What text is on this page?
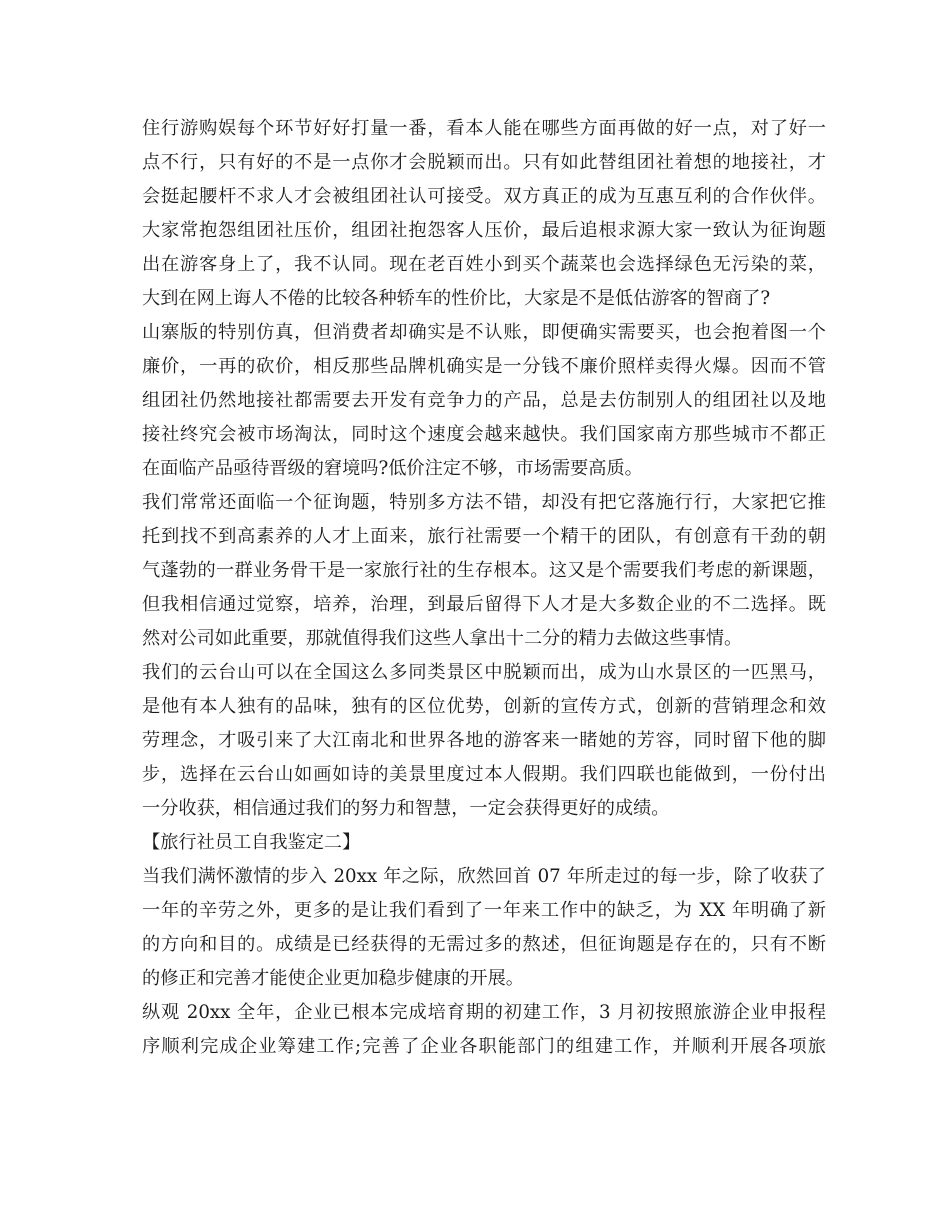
住行游购娱每个环节好好打量一番，看本人能在哪些方面再做的好一点，对了好一
点不行，只有好的不是一点你才会脱颖而出。只有如此替组团社着想的地接社，才
会挺起腰杆不求人才会被组团社认可接受。双方真正的成为互惠互利的合作伙伴。
大家常抱怨组团社压价，组团社抱怨客人压价，最后追根求源大家一致认为征询题
出在游客身上了，我不认同。现在老百姓小到买个蔬菜也会选择绿色无污染的菜，
大到在网上诲人不倦的比较各种轿车的性价比，大家是不是低估游客的智商了?
山寨版的特别仿真，但消费者却确实是不认账，即便确实需要买，也会抱着图一个
廉价，一再的砍价，相反那些品牌机确实是一分钱不廉价照样卖得火爆。因而不管
组团社仍然地接社都需要去开发有竞争力的产品，总是去仿制别人的组团社以及地
接社终究会被市场淘汰，同时这个速度会越来越快。我们国家南方那些城市不都正
在面临产品亟待晋级的窘境吗?低价注定不够，市场需要高质。
我们常常还面临一个征询题，特别多方法不错，却没有把它落施行行，大家把它推
托到找不到高素养的人才上面来，旅行社需要一个精干的团队，有创意有干劲的朝
气蓬勃的一群业务骨干是一家旅行社的生存根本。这又是个需要我们考虑的新课题，
但我相信通过觉察，培养，治理，到最后留得下人才是大多数企业的不二选择。既
然对公司如此重要，那就值得我们这些人拿出十二分的精力去做这些事情。
我们的云台山可以在全国这么多同类景区中脱颖而出，成为山水景区的一匹黑马，
是他有本人独有的品味，独有的区位优势，创新的宣传方式，创新的营销理念和效
劳理念，才吸引来了大江南北和世界各地的游客来一睹她的芳容，同时留下他的脚
步，选择在云台山如画如诗的美景里度过本人假期。我们四联也能做到，一份付出
一分收获，相信通过我们的努力和智慧，一定会获得更好的成绩。
【旅行社员工自我鉴定二】
当我们满怀激情的步入 20xx 年之际，欣然回首 07 年所走过的每一步，除了收获了
一年的辛劳之外，更多的是让我们看到了一年来工作中的缺乏，为 XX 年明确了新
的方向和目的。成绩是已经获得的无需过多的熬述，但征询题是存在的，只有不断
的修正和完善才能使企业更加稳步健康的开展。
纵观 20xx 全年，企业已根本完成培育期的初建工作，3 月初按照旅游企业申报程
序顺利完成企业筹建工作;完善了企业各职能部门的组建工作，并顺利开展各项旅
